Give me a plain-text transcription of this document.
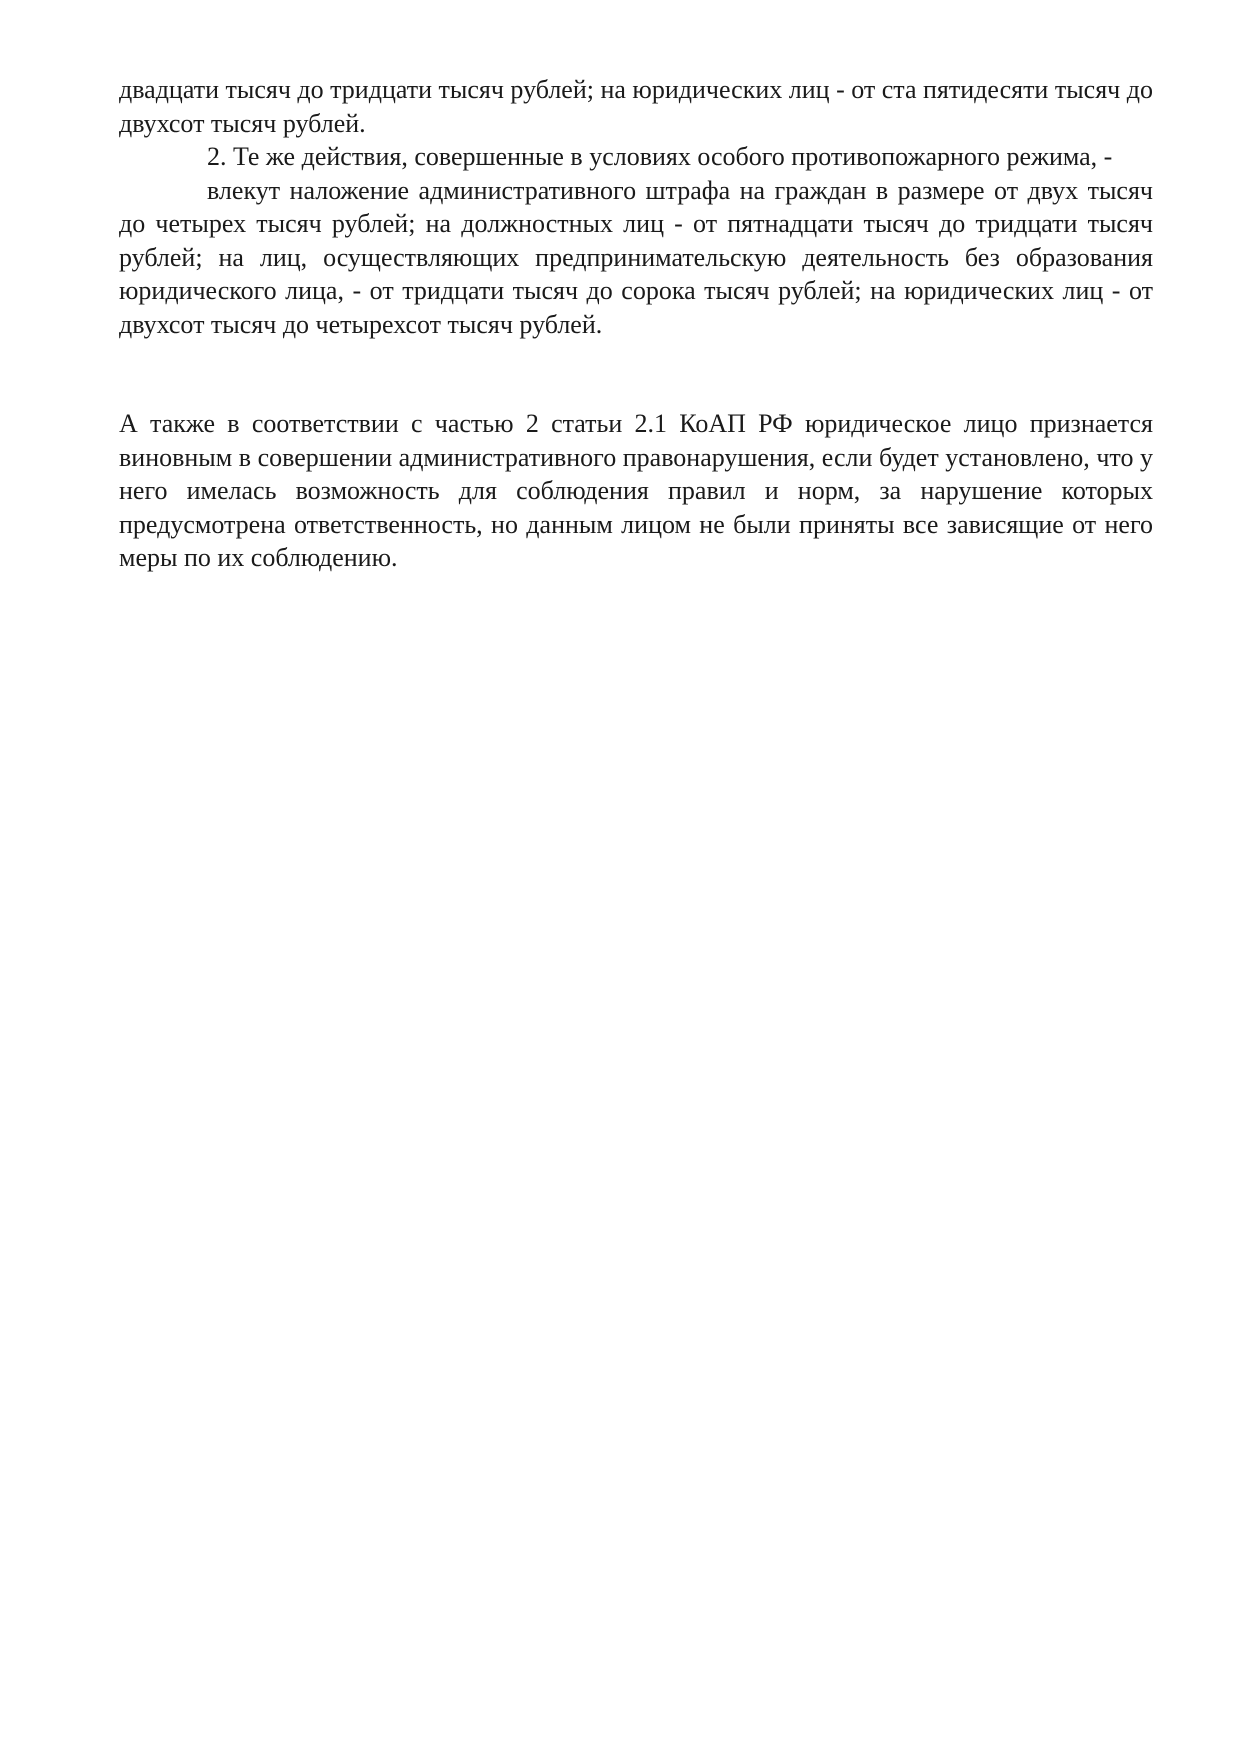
двадцати тысяч до тридцати тысяч рублей; на юридических лиц - от ста пятидесяти тысяч до двухсот тысяч рублей.

2. Те же действия, совершенные в условиях особого противопожарного режима, -

влекут наложение административного штрафа на граждан в размере от двух тысяч до четырех тысяч рублей; на должностных лиц - от пятнадцати тысяч до тридцати тысяч рублей; на лиц, осуществляющих предпринимательскую деятельность без образования юридического лица, - от тридцати тысяч до сорока тысяч рублей; на юридических лиц - от двухсот тысяч до четырехсот тысяч рублей.

А также в соответствии с частью 2 статьи 2.1 КоАП РФ юридическое лицо признается виновным в совершении административного правонарушения, если будет установлено, что у него имелась возможность для соблюдения правил и норм, за нарушение которых предусмотрена ответственность, но данным лицом не были приняты все зависящие от него меры по их соблюдению.
